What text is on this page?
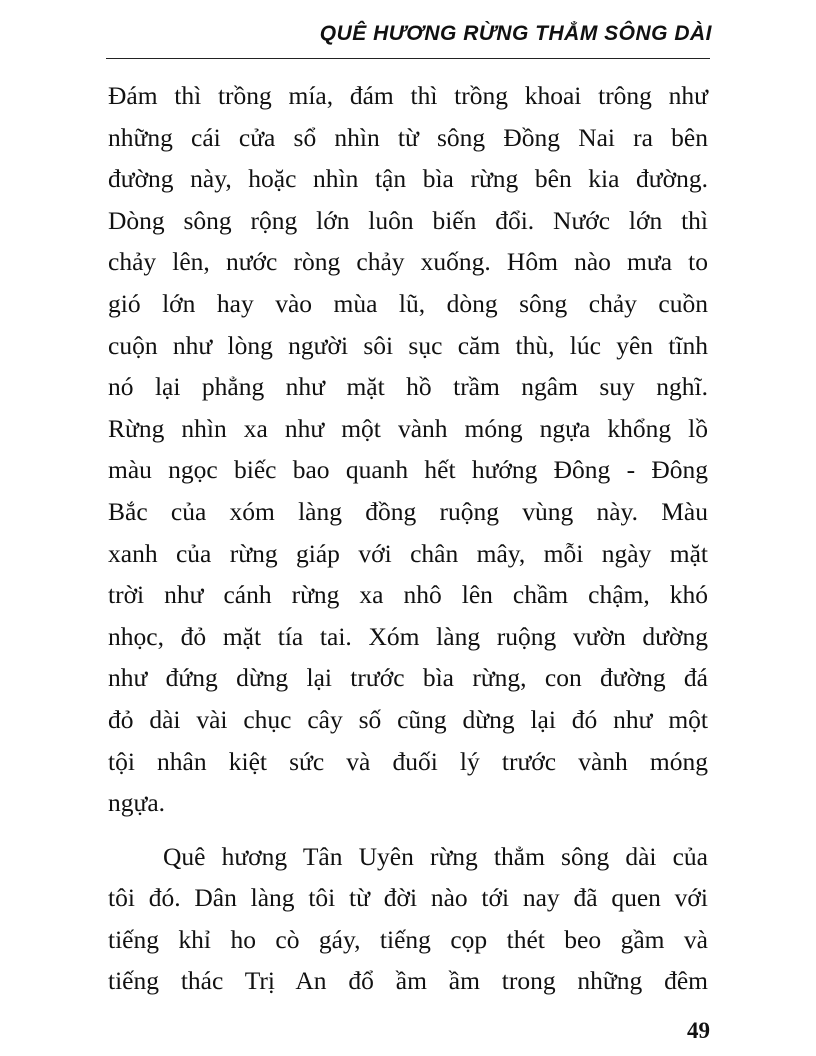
QUÊ HƯƠNG RỪNG THẲM SÔNG DÀI
Đám thì trồng mía, đám thì trồng khoai trông như
những cái cửa sổ nhìn từ sông Đồng Nai ra bên
đường này, hoặc nhìn tận bìa rừng bên kia đường.
Dòng sông rộng lớn luôn biến đổi. Nước lớn thì
chảy lên, nước ròng chảy xuống. Hôm nào mưa to
gió lớn hay vào mùa lũ, dòng sông chảy cuồn
cuộn như lòng người sôi sục căm thù, lúc yên tĩnh
nó lại phẳng như mặt hồ trầm ngâm suy nghĩ.
Rừng nhìn xa như một vành móng ngựa khổng lồ
màu ngọc biếc bao quanh hết hướng Đông - Đông
Bắc của xóm làng đồng ruộng vùng này. Màu
xanh của rừng giáp với chân mây, mỗi ngày mặt
trời như cánh rừng xa nhô lên chầm chậm, khó
nhọc, đỏ mặt tía tai. Xóm làng ruộng vườn dường
như đứng dừng lại trước bìa rừng, con đường đá
đỏ dài vài chục cây số cũng dừng lại đó như một
tội nhân kiệt sức và đuối lý trước vành móng
ngựa.
Quê hương Tân Uyên rừng thẳm sông dài của
tôi đó. Dân làng tôi từ đời nào tới nay đã quen với
tiếng khỉ ho cò gáy, tiếng cọp thét beo gầm và
tiếng thác Trị An đổ ầm ầm trong những đêm
49
